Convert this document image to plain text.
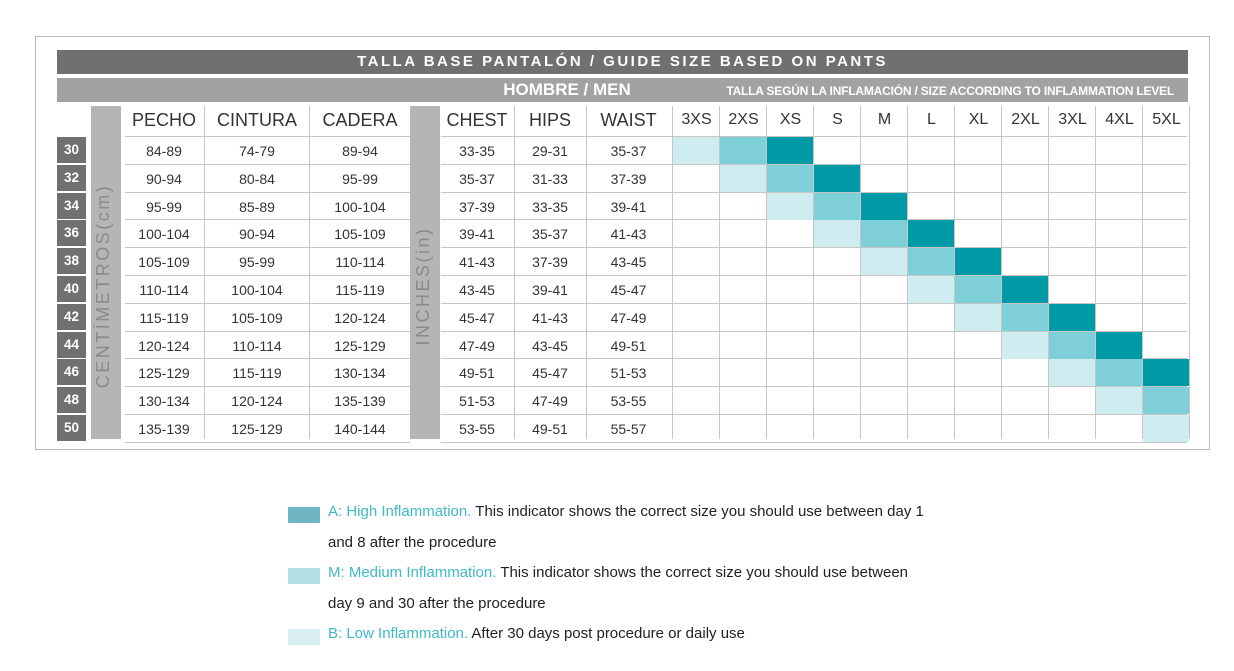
TALLA BASE PANTALÓN / GUIDE SIZE BASED ON PANTS
HOMBRE / MEN	TALLA SEGÚN LA INFLAMACIÓN / SIZE ACCORDING TO INFLAMMATION LEVEL
CENTÍMETROS(cm)	INCHES(in)
PECHO	CINTURA	CADERA	CHEST	HIPS	WAIST	3XS	2XS	XS	S	M	L	XL	2XL	3XL	4XL	5XL
30	84-89	74-79	89-94	33-35	29-31	35-37
32	90-94	80-84	95-99	35-37	31-33	37-39
34	95-99	85-89	100-104	37-39	33-35	39-41
36	100-104	90-94	105-109	39-41	35-37	41-43
38	105-109	95-99	110-114	41-43	37-39	43-45
40	110-114	100-104	115-119	43-45	39-41	45-47
42	115-119	105-109	120-124	45-47	41-43	47-49
44	120-124	110-114	125-129	47-49	43-45	49-51
46	125-129	115-119	130-134	49-51	45-47	51-53
48	130-134	120-124	135-139	51-53	47-49	53-55
50	135-139	125-129	140-144	53-55	49-51	55-57
A: High Inflammation. This indicator shows the correct size you should use between day 1
and 8 after the procedure
M: Medium Inflammation. This indicator shows the correct size you should use between
day 9 and 30 after the procedure
B: Low Inflammation. After 30 days post procedure or daily use
